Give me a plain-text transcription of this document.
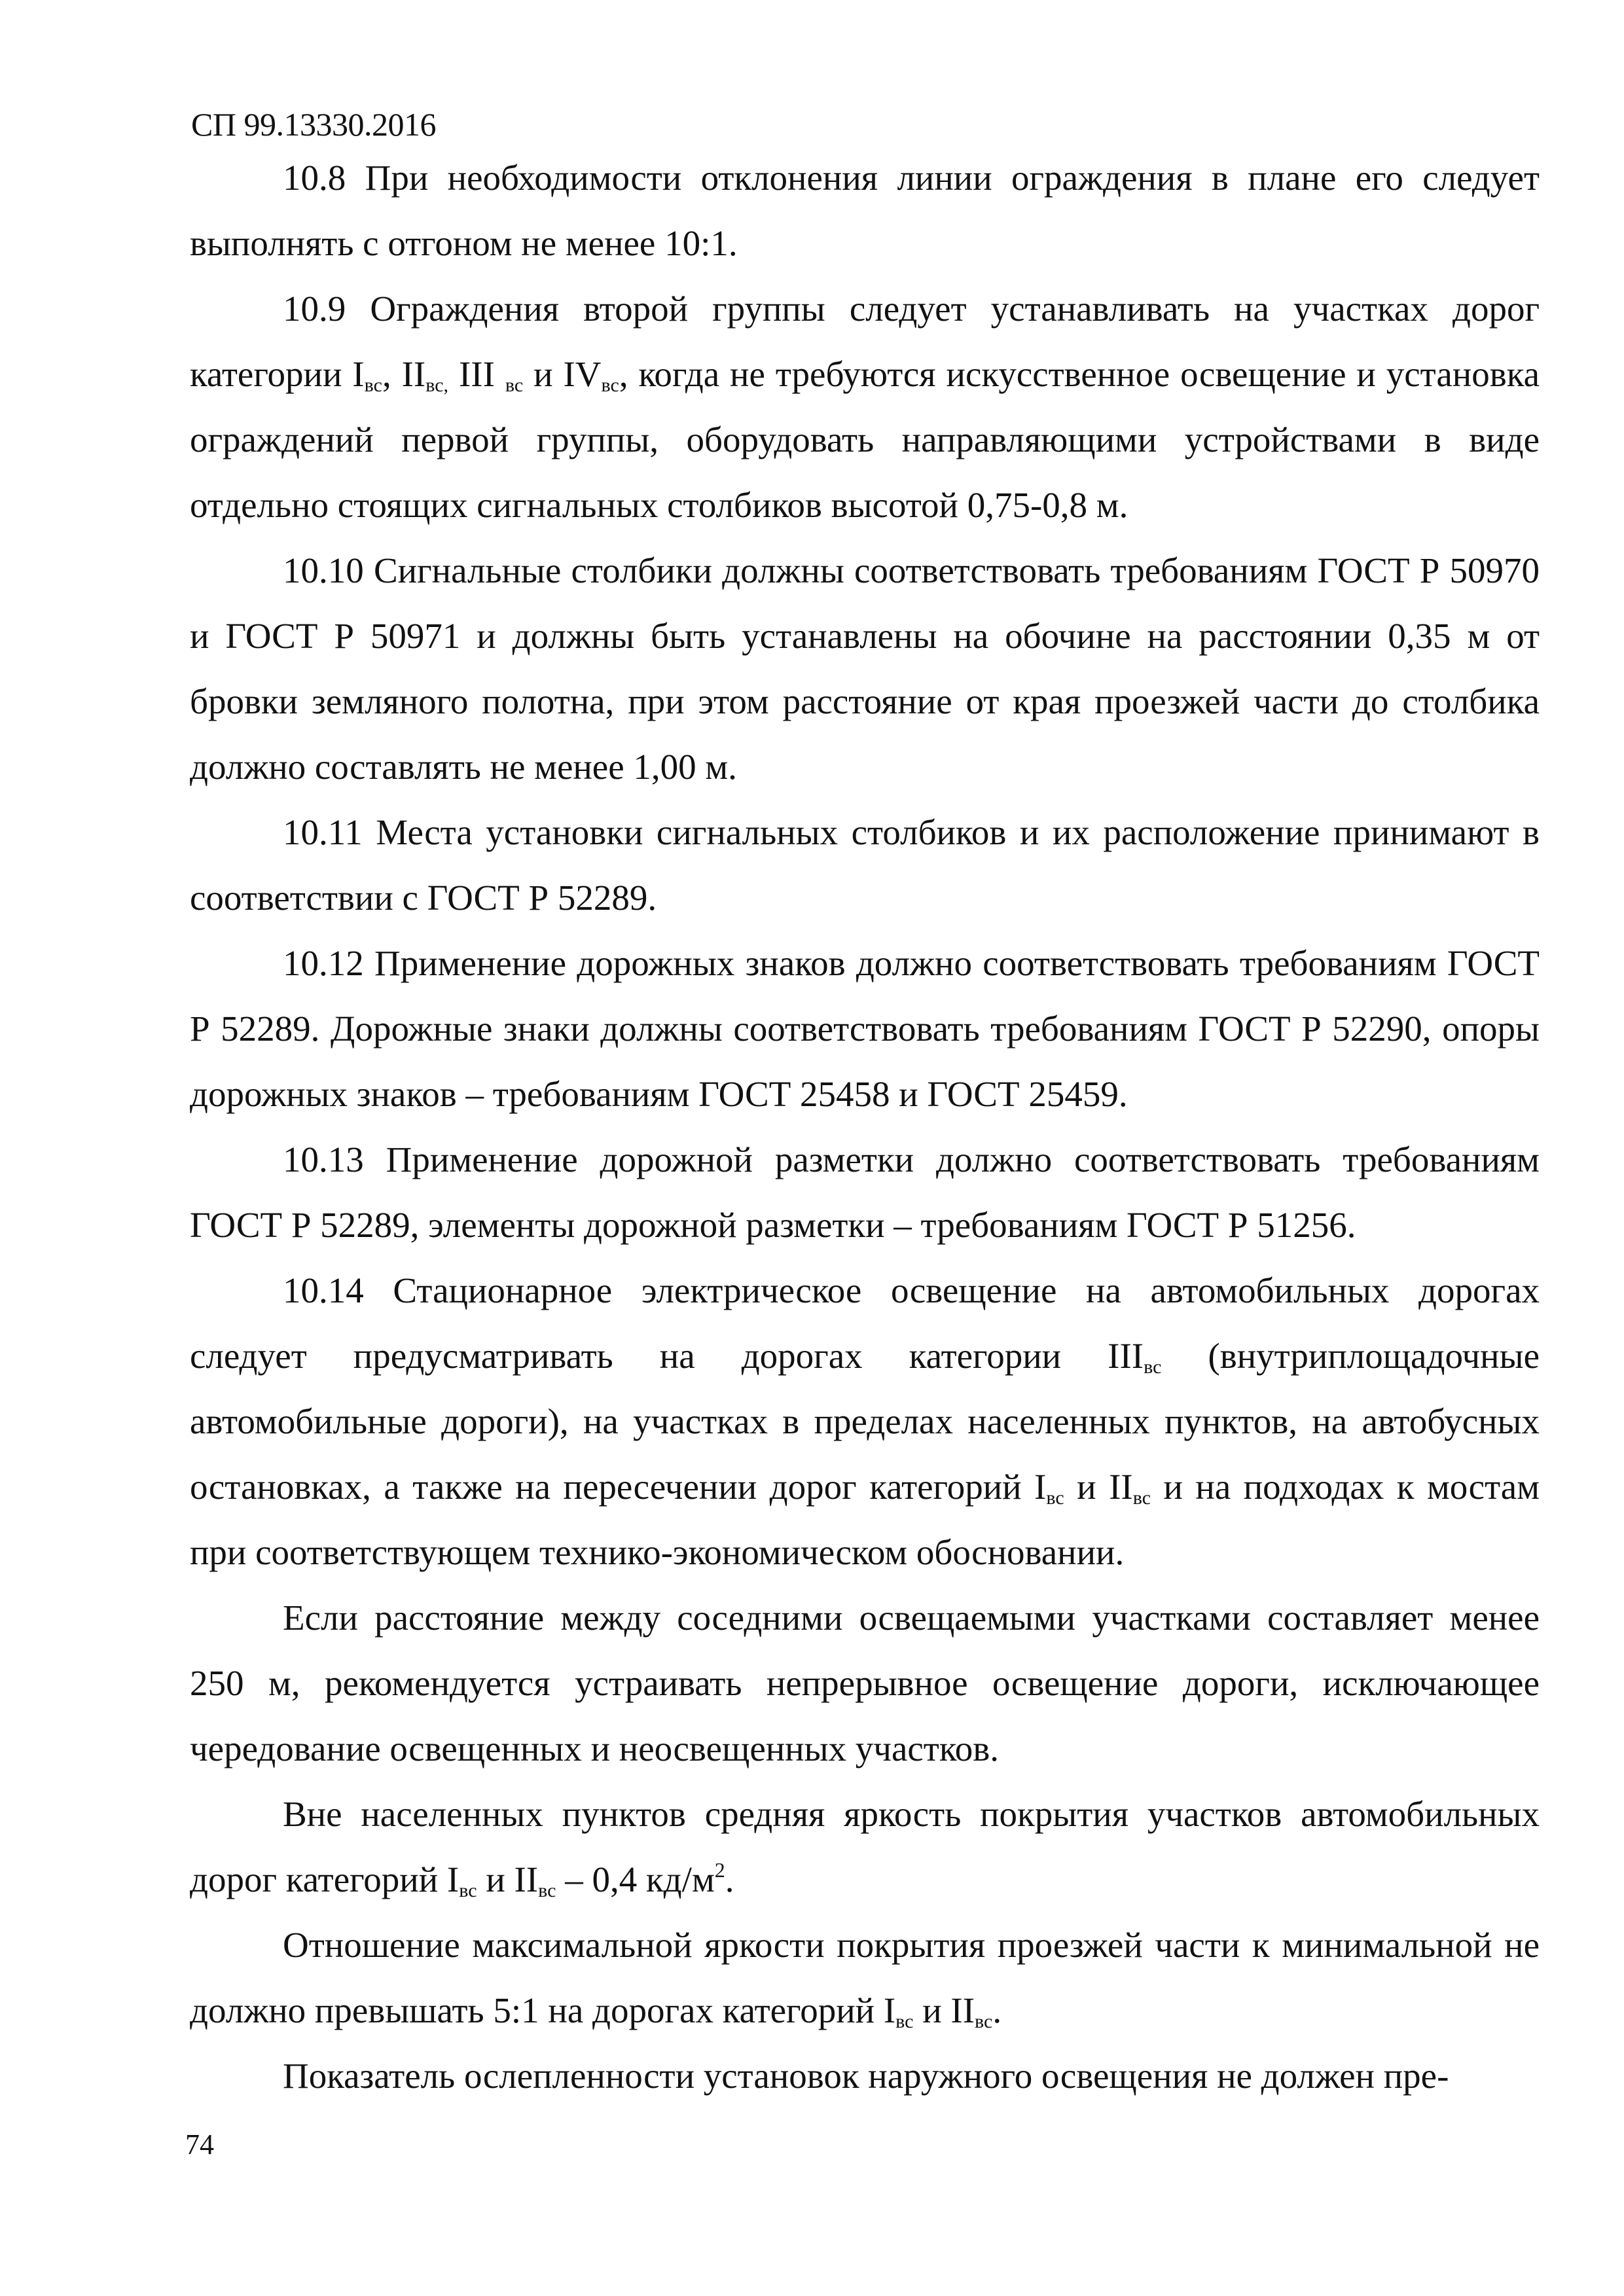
СП 99.13330.2016

10.8 При необходимости отклонения линии ограждения в плане его следует выполнять с отгоном не менее 10:1.

10.9 Ограждения второй группы следует устанавливать на участках дорог категории $I_{вс}$, $II_{вс,}$ III $_{вс}$ и $IV_{вс}$, когда не требуются искусственное освещение и установка ограждений первой группы, оборудовать направляющими устройствами в виде отдельно стоящих сигнальных столбиков высотой 0,75-0,8 м.

10.10 Сигнальные столбики должны соответствовать требованиям ГОСТ Р 50970 и ГОСТ Р 50971 и должны быть устанавлены на обочине на расстоянии 0,35 м от бровки земляного полотна, при этом расстояние от края проезжей части до столбика должно составлять не менее 1,00 м.

10.11 Места установки сигнальных столбиков и их расположение принимают в соответствии с ГОСТ Р 52289.

10.12 Применение дорожных знаков должно соответствовать требованиям ГОСТ Р 52289. Дорожные знаки должны соответствовать требованиям ГОСТ Р 52290, опоры дорожных знаков – требованиям ГОСТ 25458 и ГОСТ 25459.

10.13 Применение дорожной разметки должно соответствовать требованиям ГОСТ Р 52289, элементы дорожной разметки – требованиям ГОСТ Р 51256.

10.14 Стационарное электрическое освещение на автомобильных дорогах следует предусматривать на дорогах категории $III_{вс}$ (внутриплощадочные автомобильные дороги), на участках в пределах населенных пунктов, на автобусных остановках, а также на пересечении дорог категорий $I_{вс}$ и $II_{вс}$ и на подходах к мостам при соответствующем технико-экономическом обосновании.

Если расстояние между соседними освещаемыми участками составляет менее 250 м, рекомендуется устраивать непрерывное освещение дороги, исключающее чередование освещенных и неосвещенных участков.

Вне населенных пунктов средняя яркость покрытия участков автомобильных дорог категорий $I_{вс}$ и $II_{вс} - 0,4$ $кд/м^2$.

Отношение максимальной яркости покрытия проезжей части к минимальной не должно превышать 5:1 на дорогах категорий $I_{вс}$ и $II_{вс}$.

Показатель ослепленности установок наружного освещения не должен пре-

74
